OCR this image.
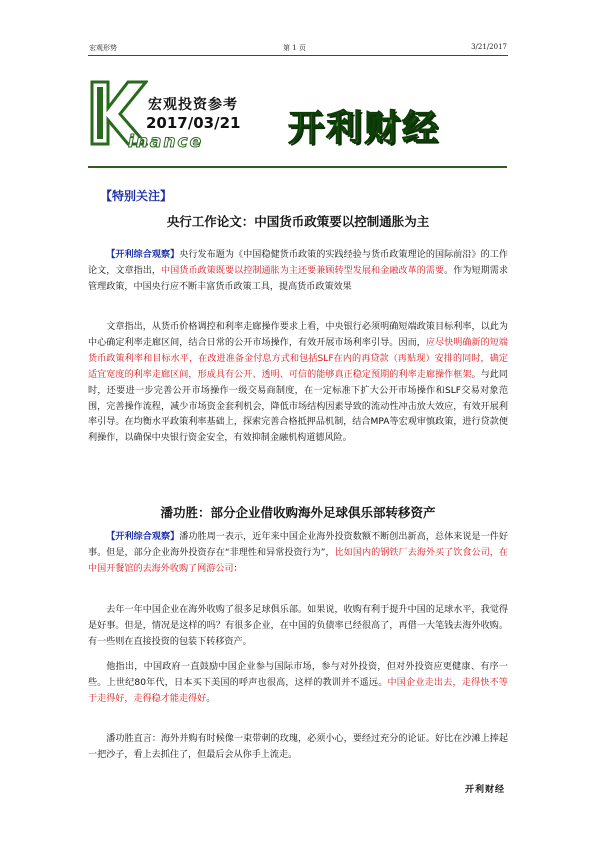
宏观形势	第 1 页	3/21/2017
宏观投资参考
2017/03/21
inance 开利财经
【特别关注】
央行工作论文：中国货币政策要以控制通胀为主
【开利综合观察】央行发布题为《中国稳健货币政策的实践经验与货币政策理论的国际前沿》的工作论文，文章指出，中国货币政策既要以控制通胀为主还要兼顾转型发展和金融改革的需要。作为短期需求管理政策，中国央行应不断丰富货币政策工具，提高货币政策效果
文章指出，从货币价格调控和利率走廊操作要求上看，中央银行必须明确短端政策目标利率，以此为中心确定利率走廊区间，结合日常的公开市场操作，有效开展市场利率引导。因而，应尽快明确新的短端货币政策利率和目标水平，在改进准备金付息方式和包括SLF在内的再贷款（再贴现）安排的同时，确定适宜宽度的利率走廊区间，形成具有公开、透明、可信的能够真正稳定预期的利率走廊操作框架。与此同时，还要进一步完善公开市场操作一级交易商制度，在一定标准下扩大公开市场操作和SLF交易对象范围，完善操作流程，减少市场资金套利机会，降低市场结构因素导致的流动性冲击放大效应，有效开展利率引导。在均衡水平政策利率基础上，探索完善合格抵押品机制，结合MPA等宏观审慎政策，进行贷款便利操作，以确保中央银行资金安全，有效抑制金融机构道德风险。
潘功胜：部分企业借收购海外足球俱乐部转移资产
【开利综合观察】潘功胜周一表示，近年来中国企业海外投资数额不断创出新高，总体来说是一件好事。但是，部分企业海外投资存在“非理性和异常投资行为”，比如国内的钢铁厂去海外买了饮食公司，在中国开餐馆的去海外收购了网游公司：
去年一年中国企业在海外收购了很多足球俱乐部。如果说，收购有利于提升中国的足球水平，我觉得是好事。但是，情况是这样的吗？有很多企业，在中国的负债率已经很高了，再借一大笔钱去海外收购。有一些则在直接投资的包装下转移资产。
他指出，中国政府一直鼓励中国企业参与国际市场，参与对外投资，但对外投资应更健康、有序一些。上世纪80年代，日本买下美国的呼声也很高，这样的教训并不遥远。中国企业走出去，走得快不等于走得好，走得稳才能走得好。
潘功胜直言：海外并购有时候像一束带刺的玫瑰，必须小心，要经过充分的论证。好比在沙滩上捧起一把沙子，看上去抓住了，但最后会从你手上流走。
开利财经
